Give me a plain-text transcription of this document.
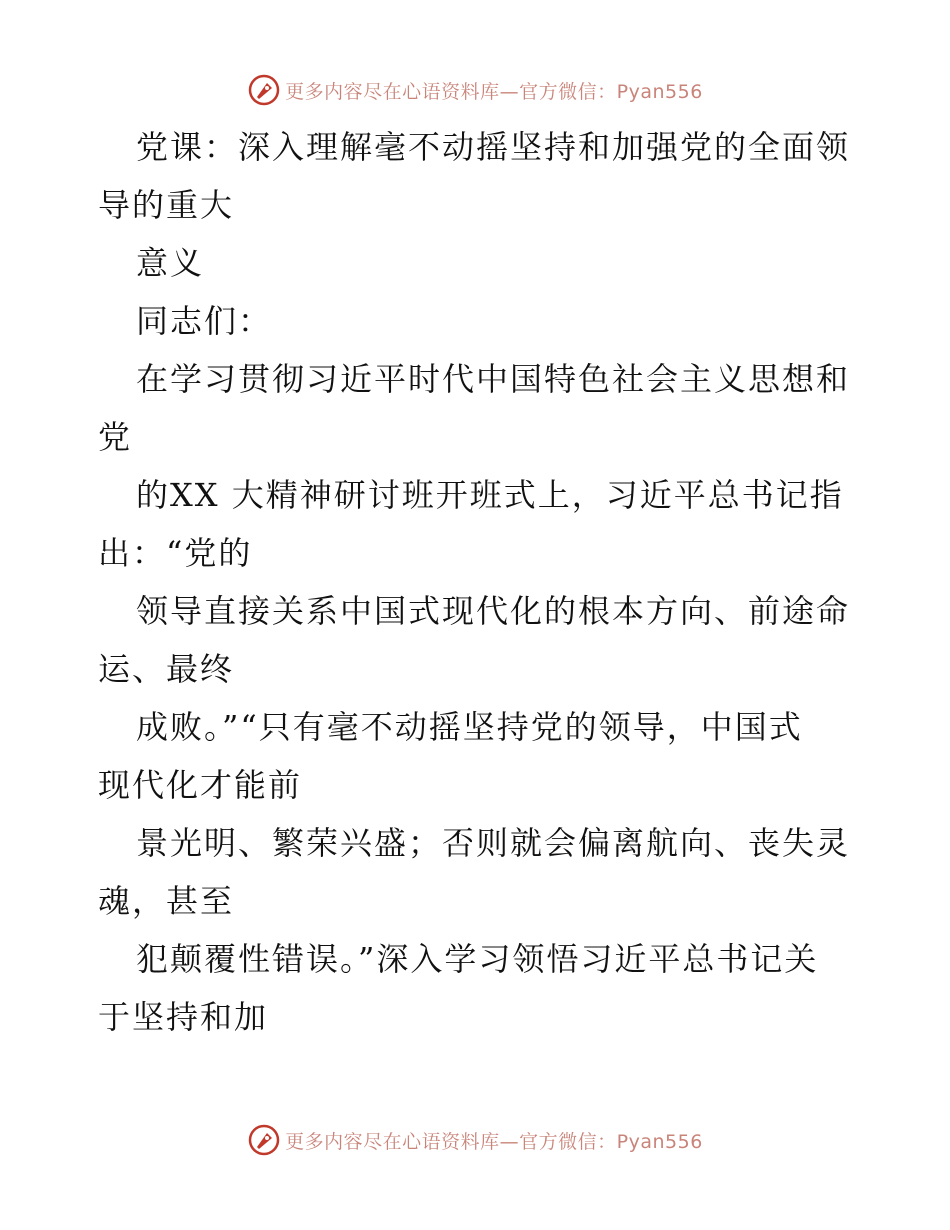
更多内容尽在心语资料库—官方微信：Pyan556
党课：深入理解毫不动摇坚持和加强党的全面领
导的重大
意义
同志们：
在学习贯彻习近平时代中国特色社会主义思想和
党
的XX 大精神研讨班开班式上，习近平总书记指
出：“党的
领导直接关系中国式现代化的根本方向、前途命
运、最终
成败。”“只有毫不动摇坚持党的领导，中国式
现代化才能前
景光明、繁荣兴盛；否则就会偏离航向、丧失灵
魂，甚至
犯颠覆性错误。”深入学习领悟习近平总书记关
于坚持和加
更多内容尽在心语资料库—官方微信：Pyan556
